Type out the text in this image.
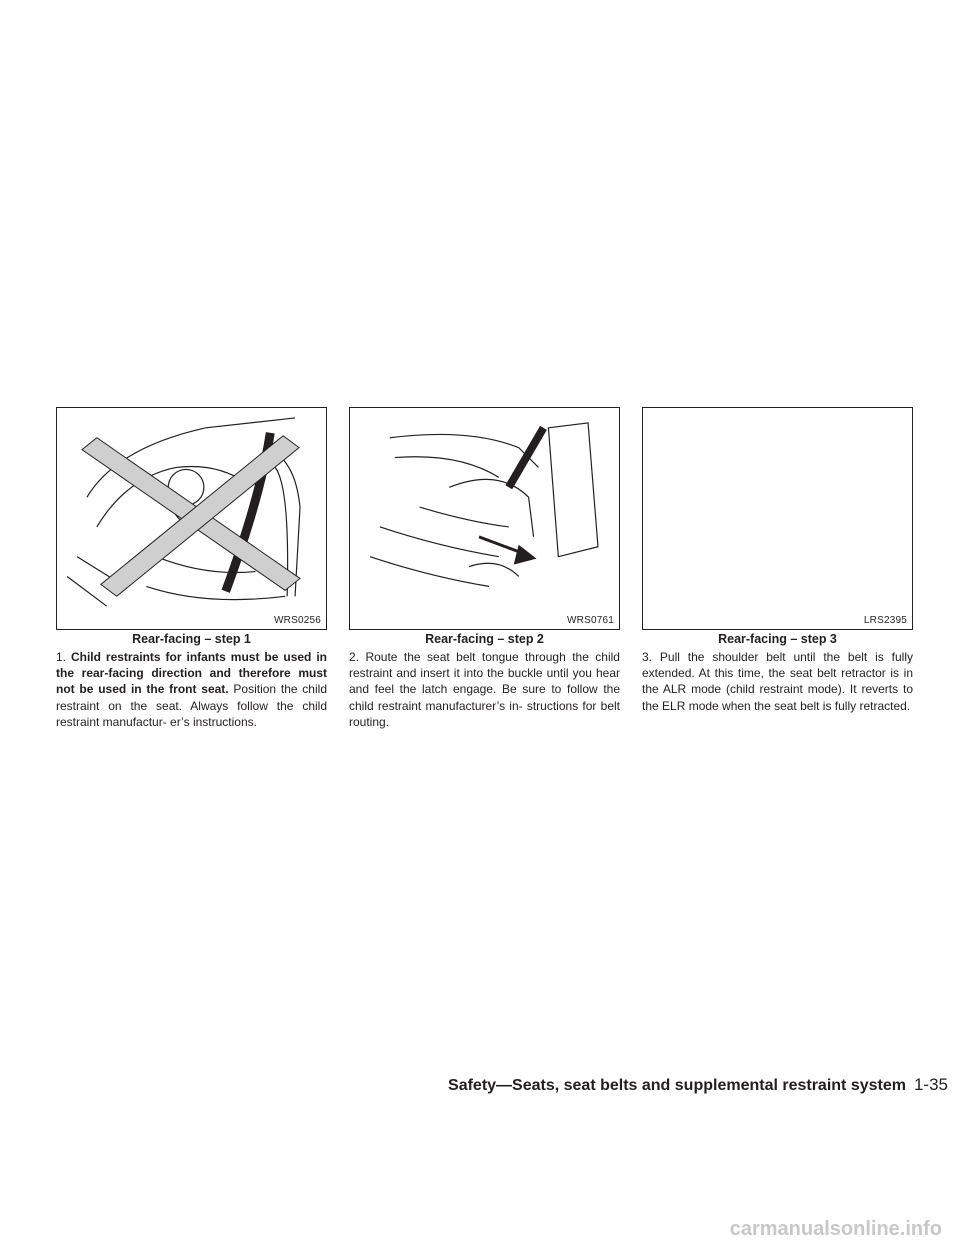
WRS0256
Rear-facing – step 1
WRS0761
Rear-facing – step 2
LRS2395
Rear-facing – step 3
1. Child restraints for infants must be used in the rear-facing direction and therefore must not be used in the front seat. Position the child restraint on the seat. Always follow the child restraint manufactur- er’s instructions.
2. Route the seat belt tongue through the child restraint and insert it into the buckle until you hear and feel the latch engage. Be sure to follow the child restraint manufacturer’s in- structions for belt routing.
3. Pull the shoulder belt until the belt is fully extended. At this time, the seat belt retractor is in the ALR mode (child restraint mode). It reverts to the ELR mode when the seat belt is fully retracted.
Safety—Seats, seat belts and supplemental restraint system 1-35
carmanualsonline.info
